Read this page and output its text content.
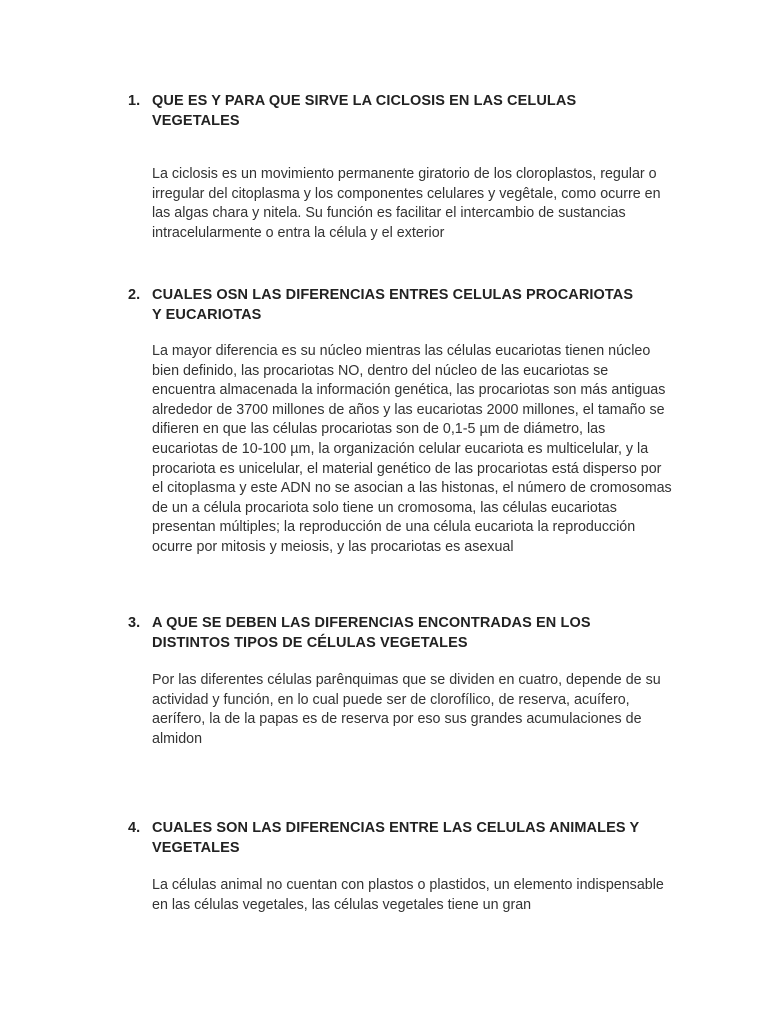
1. QUE ES Y PARA QUE SIRVE LA CICLOSIS EN LAS CELULAS VEGETALES
La ciclosis es un movimiento permanente giratorio de los cloroplastos, regular o irregular del citoplasma y los componentes celulares y vegêtale, como ocurre en las algas chara y nitela. Su función es facilitar el intercambio de sustancias intracelularmente o entra la célula y el exterior
2. CUALES OSN LAS DIFERENCIAS ENTRES CELULAS PROCARIOTAS Y EUCARIOTAS
La mayor diferencia es su núcleo mientras las células eucariotas tienen núcleo bien definido, las procariotas NO, dentro del núcleo de las eucariotas se encuentra almacenada la información genética, las procariotas son más antiguas alrededor de 3700 millones de años y las eucariotas 2000 millones, el tamaño se difieren en que las células procariotas son de 0,1-5 µm de diámetro, las eucariotas de 10-100 µm, la organización celular eucariota es multicelular, y la procariota es unicelular, el material genético de las procariotas está disperso por el citoplasma y este ADN no se asocian a las histonas, el número de cromosomas de un a célula procariota solo tiene un cromosoma, las células eucariotas presentan múltiples; la reproducción de una célula eucariota la reproducción ocurre por mitosis y meiosis, y las procariotas es asexual
3. A QUE SE DEBEN LAS DIFERENCIAS ENCONTRADAS EN LOS DISTINTOS TIPOS DE CÉLULAS VEGETALES
Por las diferentes células parênquimas que se dividen en cuatro, depende de su actividad y función, en lo cual puede ser de clorofílico, de reserva, acuífero, aerífero, la de la papas es de reserva por eso sus grandes acumulaciones de almidon
4. CUALES SON LAS DIFERENCIAS ENTRE LAS CELULAS ANIMALES Y VEGETALES
La células animal no cuentan con plastos o plastidos, un elemento indispensable en las células vegetales, las células vegetales tiene un gran
